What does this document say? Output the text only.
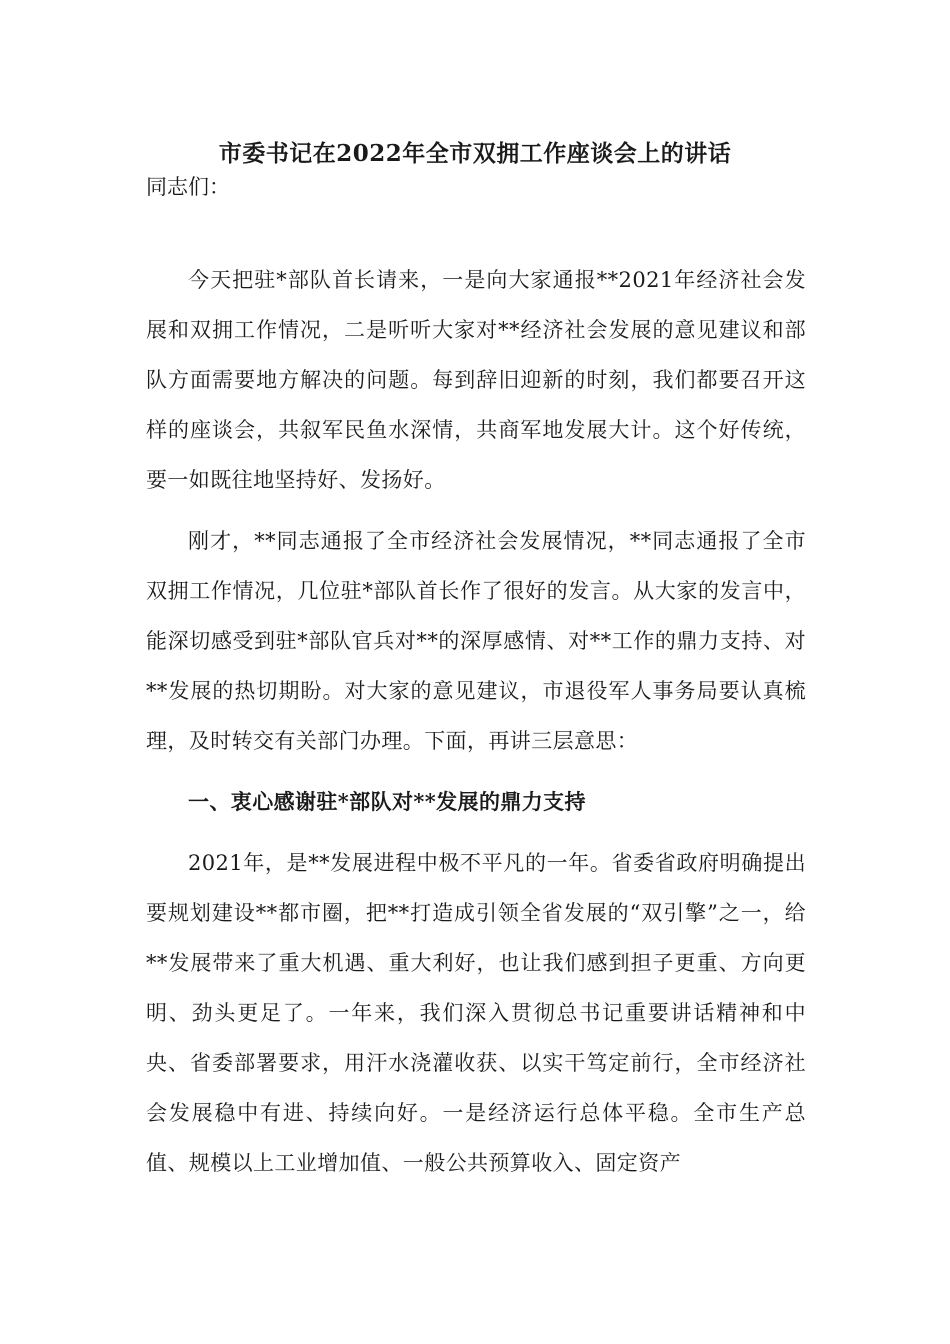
市委书记在2022年全市双拥工作座谈会上的讲话
同志们：

今天把驻*部队首长请来，一是向大家通报**2021年经济社会发展和双拥工作情况，二是听听大家对**经济社会发展的意见建议和部队方面需要地方解决的问题。每到辞旧迎新的时刻，我们都要召开这样的座谈会，共叙军民鱼水深情，共商军地发展大计。这个好传统，要一如既往地坚持好、发扬好。

刚才，**同志通报了全市经济社会发展情况，**同志通报了全市双拥工作情况，几位驻*部队首长作了很好的发言。从大家的发言中，能深切感受到驻*部队官兵对**的深厚感情、对**工作的鼎力支持、对**发展的热切期盼。对大家的意见建议，市退役军人事务局要认真梳理，及时转交有关部门办理。下面，再讲三层意思：

一、衷心感谢驻*部队对**发展的鼎力支持

2021年，是**发展进程中极不平凡的一年。省委省政府明确提出要规划建设**都市圈，把**打造成引领全省发展的“双引擎”之一，给**发展带来了重大机遇、重大利好，也让我们感到担子更重、方向更明、劲头更足了。一年来，我们深入贯彻总书记重要讲话精神和中央、省委部署要求，用汗水浇灌收获、以实干笃定前行，全市经济社会发展稳中有进、持续向好。一是经济运行总体平稳。全市生产总值、规模以上工业增加值、一般公共预算收入、固定资产
